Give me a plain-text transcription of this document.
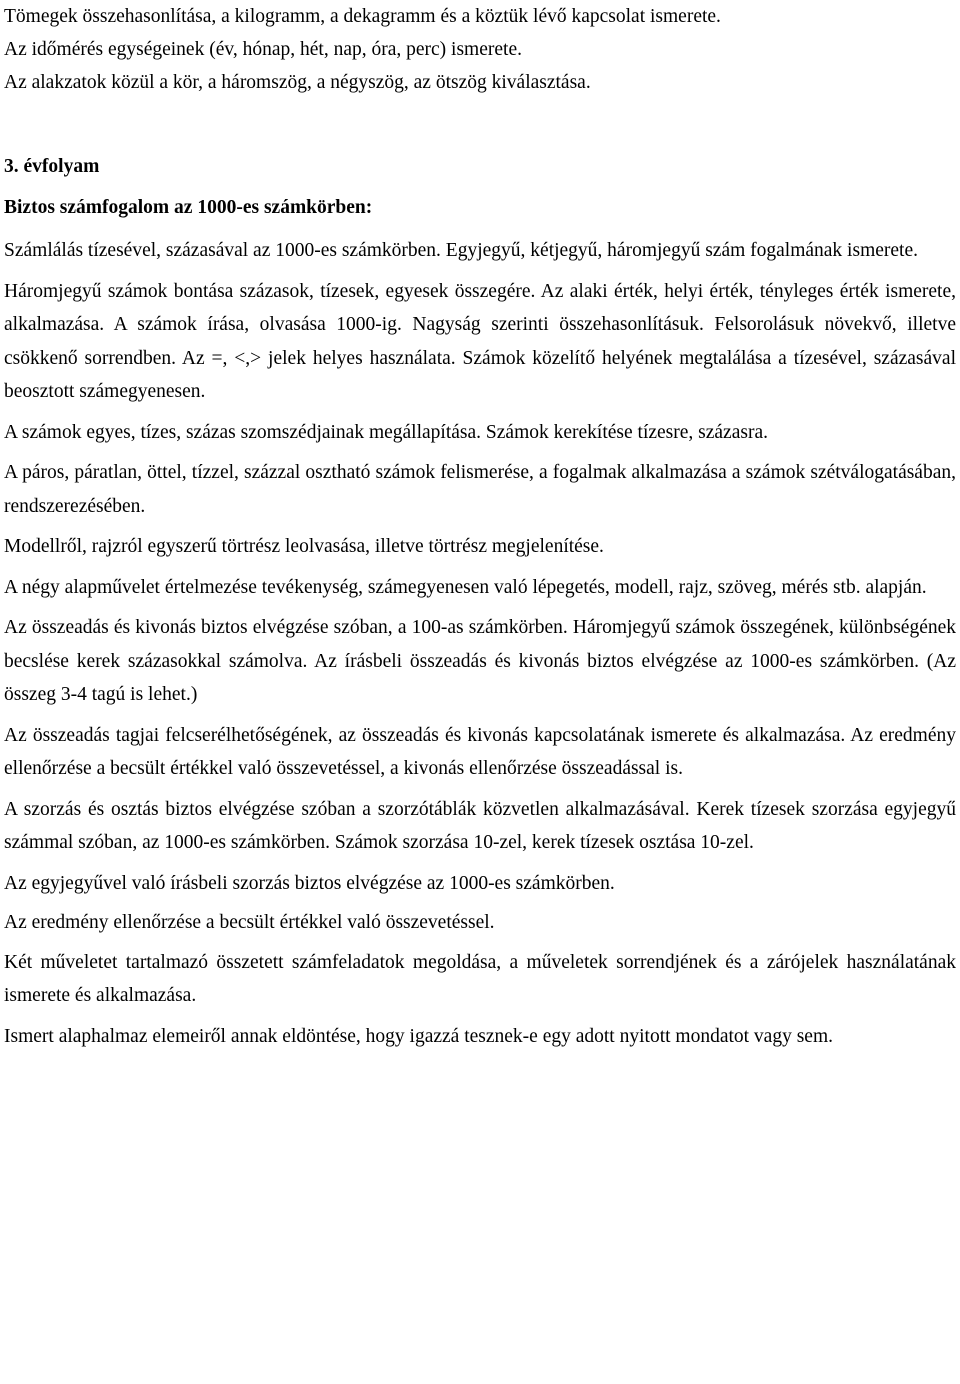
Tömegek összehasonlítása, a kilogramm, a dekagramm és a köztük lévő kapcsolat ismerete.

Az időmérés egységeinek (év, hónap, hét, nap, óra, perc) ismerete.

Az alakzatok közül a kör, a háromszög, a négyszög, az ötszög kiválasztása.

3. évfolyam

Biztos számfogalom az 1000-es számkörben:

Számlálás tízesével, százasával az 1000-es számkörben. Egyjegyű, kétjegyű, háromjegyű szám fogalmának ismerete.

Háromjegyű számok bontása százasok, tízesek, egyesek összegére. Az alaki érték, helyi érték, tényleges érték ismerete, alkalmazása. A számok írása, olvasása 1000-ig. Nagyság szerinti összehasonlításuk. Felsorolásuk növekvő, illetve csökkenő sorrendben. Az =, <,> jelek helyes használata. Számok közelítő helyének megtalálása a tízesével, százasával beosztott számegyenesen.

A számok egyes, tízes, százas szomszédjainak megállapítása. Számok kerekítése tízesre, százasra.

A páros, páratlan, öttel, tízzel, százzal osztható számok felismerése, a fogalmak alkalmazása a számok szétválogatásában, rendszerezésében.

Modellről, rajzról egyszerű törtrész leolvasása, illetve törtrész megjelenítése.

A négy alapművelet értelmezése tevékenység, számegyenesen való lépegetés, modell, rajz, szöveg, mérés stb. alapján.

Az összeadás és kivonás biztos elvégzése szóban, a 100-as számkörben. Háromjegyű számok összegének, különbségének becslése kerek százasokkal számolva. Az írásbeli összeadás és kivonás biztos elvégzése az 1000-es számkörben. (Az összeg 3-4 tagú is lehet.)

Az összeadás tagjai felcserélhetőségének, az összeadás és kivonás kapcsolatának ismerete és alkalmazása. Az eredmény ellenőrzése a becsült értékkel való összevetéssel, a kivonás ellenőrzése összeadással is.

A szorzás és osztás biztos elvégzése szóban a szorzótáblák közvetlen alkalmazásával. Kerek tízesek szorzása egyjegyű számmal szóban, az 1000-es számkörben. Számok szorzása 10-zel, kerek tízesek osztása 10-zel.

Az egyjegyűvel való írásbeli szorzás biztos elvégzése az 1000-es számkörben.

Az eredmény ellenőrzése a becsült értékkel való összevetéssel.

Két műveletet tartalmazó összetett számfeladatok megoldása, a műveletek sorrendjének és a zárójelek használatának ismerete és alkalmazása.

Ismert alaphalmaz elemeiről annak eldöntése, hogy igazzá tesznek-e egy adott nyitott mondatot vagy sem.
